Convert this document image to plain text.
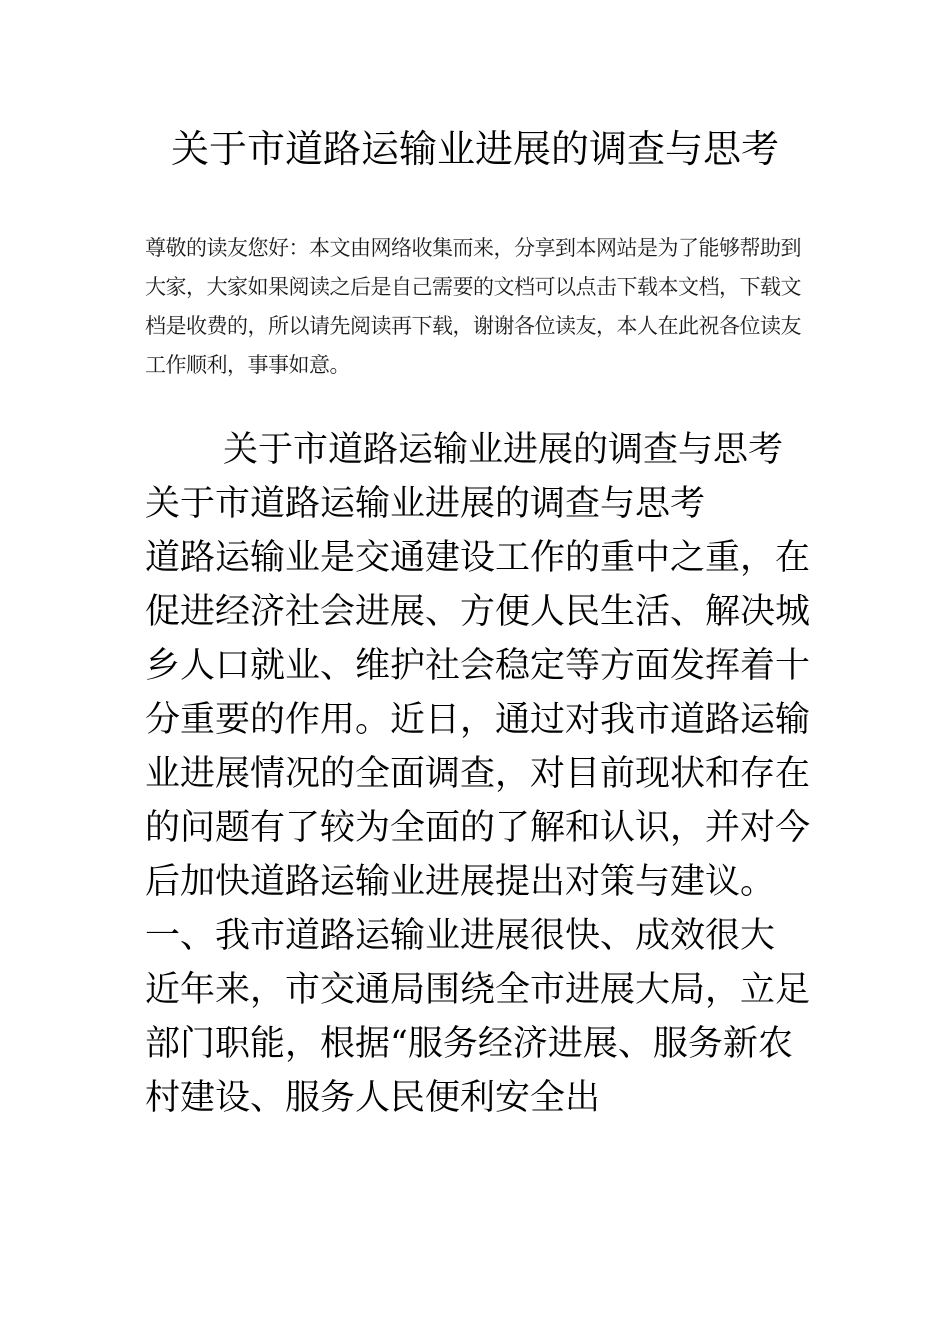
关于市道路运输业进展的调查与思考

尊敬的读友您好：本文由网络收集而来，分享到本网站是为了能够帮助到大家，大家如果阅读之后是自己需要的文档可以点击下载本文档，下载文档是收费的，所以请先阅读再下载，谢谢各位读友，本人在此祝各位读友工作顺利，事事如意。

关于市道路运输业进展的调查与思考

关于市道路运输业进展的调查与思考

道路运输业是交通建设工作的重中之重，在促进经济社会进展、方便人民生活、解决城乡人口就业、维护社会稳定等方面发挥着十分重要的作用。近日，通过对我市道路运输业进展情况的全面调查，对目前现状和存在的问题有了较为全面的了解和认识，并对今后加快道路运输业进展提出对策与建议。

一、我市道路运输业进展很快、成效很大

近年来，市交通局围绕全市进展大局，立足部门职能，根据“服务经济进展、服务新农村建设、服务人民便利安全出
